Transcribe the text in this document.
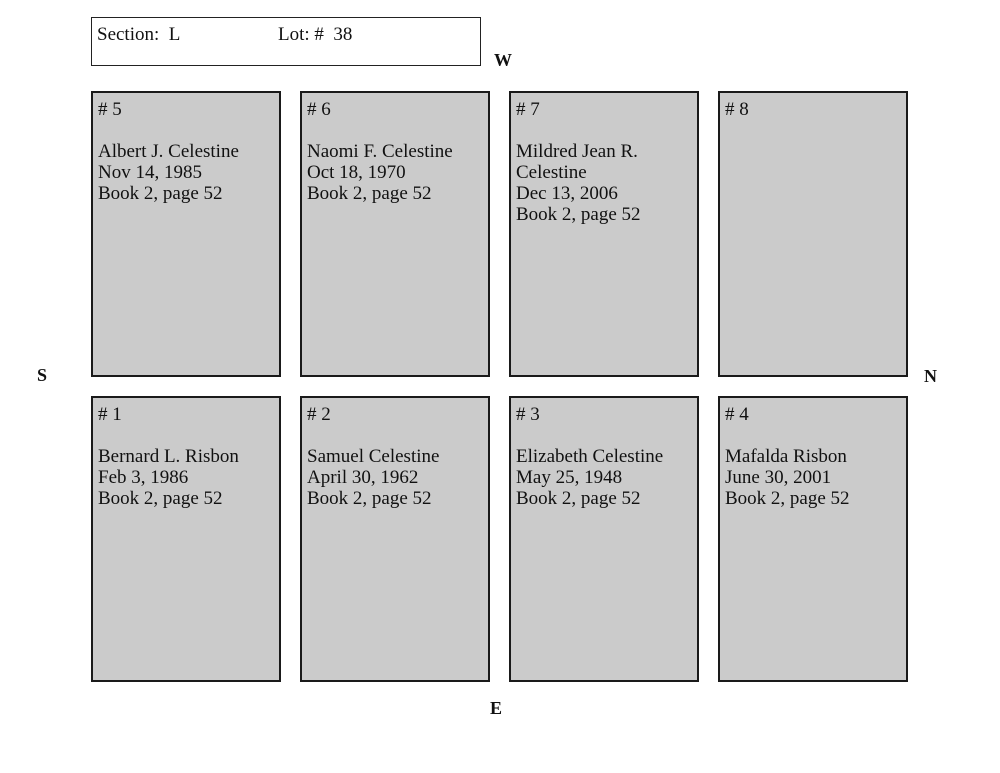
Section:  L	Lot: #  38
W
S	N
E
# 5
Albert J. Celestine
Nov 14, 1985
Book 2, page 52
# 6
Naomi F. Celestine
Oct 18, 1970
Book 2, page 52
# 7
Mildred Jean R.
Celestine
Dec 13, 2006
Book 2, page 52
# 8
# 1
Bernard L. Risbon
Feb 3, 1986
Book 2, page 52
# 2
Samuel Celestine
April 30, 1962
Book 2, page 52
# 3
Elizabeth Celestine
May 25, 1948
Book 2, page 52
# 4
Mafalda Risbon
June 30, 2001
Book 2, page 52
